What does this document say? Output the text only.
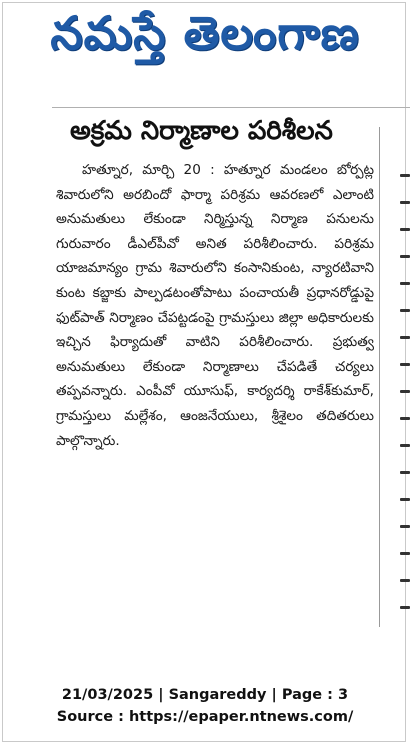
నమస్తే తెలంగాణ
అక్రమ నిర్మాణాల పరిశీలన

హత్నూర, మార్చి 20 : హత్నూర మండలం బోర్పట్ల శివారులోని అరబిందో ఫార్మా పరిశ్రమ ఆవరణలో ఎలాంటి అనుమతులు లేకుండా నిర్మిస్తున్న నిర్మాణ పనులను గురువారం డీఎల్‌పీవో అనిత పరిశీలించారు. పరిశ్రమ యాజమాన్యం గ్రామ శివారులోని కంసానికుంట, న్యారటివాని కుంట కబ్జాకు పాల్పడటంతోపాటు పంచాయతీ ప్రధానరోడ్డుపై ఫుట్‌పాత్ నిర్మాణం చేపట్టడంపై గ్రామస్తులు జిల్లా అధికారులకు ఇచ్చిన ఫిర్యాదుతో వాటిని పరిశీలించారు. ప్రభుత్వ అనుమతులు లేకుండా నిర్మాణాలు చేపడితే చర్యలు తప్పవన్నారు. ఎంపీవో యూసుఫ్, కార్యదర్శి రాకేశ్‌కుమార్, గ్రామస్తులు మల్లేశం, ఆంజనేయులు, శ్రీశైలం తదితరులు పాల్గొన్నారు.

21/03/2025 | Sangareddy | Page : 3
Source : https://epaper.ntnews.com/
